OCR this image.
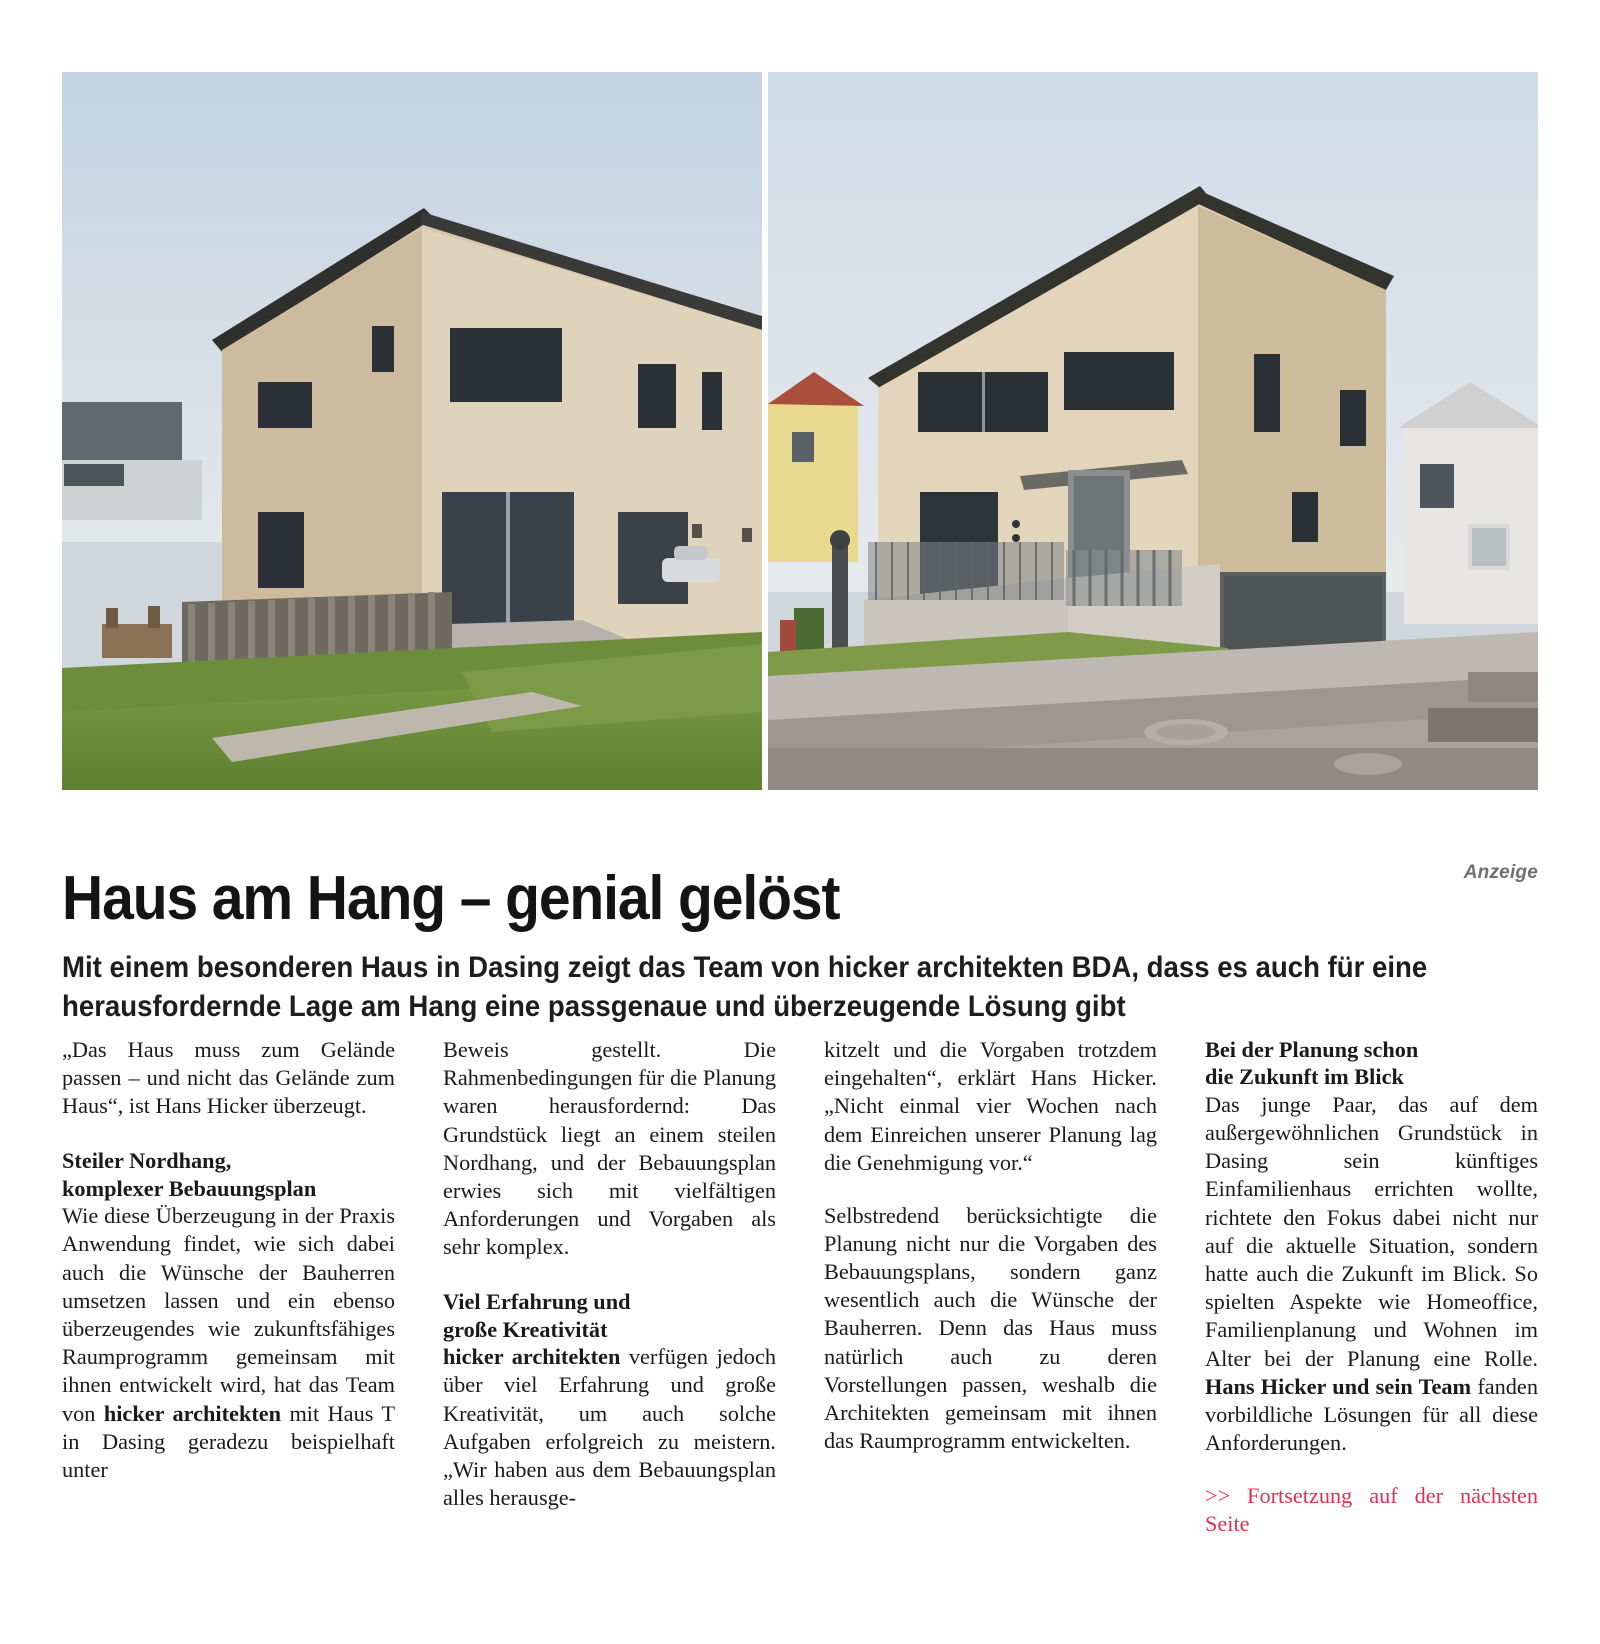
Anzeige
Haus am Hang – genial gelöst
Mit einem besonderen Haus in Dasing zeigt das Team von hicker architekten BDA, dass es auch für eine herausfordernde Lage am Hang eine passgenaue und überzeugende Lösung gibt

„Das Haus muss zum Gelände passen – und nicht das Gelände zum Haus“, ist Hans Hicker überzeugt.

Steiler Nordhang,
komplexer Bebauungsplan

Wie diese Überzeugung in der Praxis Anwendung findet, wie sich dabei auch die Wünsche der Bauherren umsetzen lassen und ein ebenso überzeugendes wie zukunftsfähiges Raumprogramm gemeinsam mit ihnen entwickelt wird, hat das Team von hicker architekten mit Haus T in Dasing geradezu beispielhaft unter

Beweis gestellt. Die Rahmenbedingungen für die Planung waren herausfordernd: Das Grundstück liegt an einem steilen Nordhang, und der Bebauungsplan erwies sich mit vielfältigen Anforderungen und Vorgaben als sehr komplex.

Viel Erfahrung und
große Kreativität

hicker architekten verfügen jedoch über viel Erfahrung und große Kreativität, um auch solche Aufgaben erfolgreich zu meistern. „Wir haben aus dem Bebauungsplan alles herausge-

kitzelt und die Vorgaben trotzdem eingehalten“, erklärt Hans Hicker. „Nicht einmal vier Wochen nach dem Einreichen unserer Planung lag die Genehmigung vor.“

Selbstredend berücksichtigte die Planung nicht nur die Vorgaben des Bebauungsplans, sondern ganz wesentlich auch die Wünsche der Bauherren. Denn das Haus muss natürlich auch zu deren Vorstellungen passen, weshalb die Architekten gemeinsam mit ihnen das Raumprogramm entwickelten.

Bei der Planung schon
die Zukunft im Blick

Das junge Paar, das auf dem außergewöhnlichen Grundstück in Dasing sein künftiges Einfamilienhaus errichten wollte, richtete den Fokus dabei nicht nur auf die aktuelle Situation, sondern hatte auch die Zukunft im Blick. So spielten Aspekte wie Homeoffice, Familienplanung und Wohnen im Alter bei der Planung eine Rolle. Hans Hicker und sein Team fanden vorbildliche Lösungen für all diese Anforderungen.

>> Fortsetzung auf der nächsten Seite
